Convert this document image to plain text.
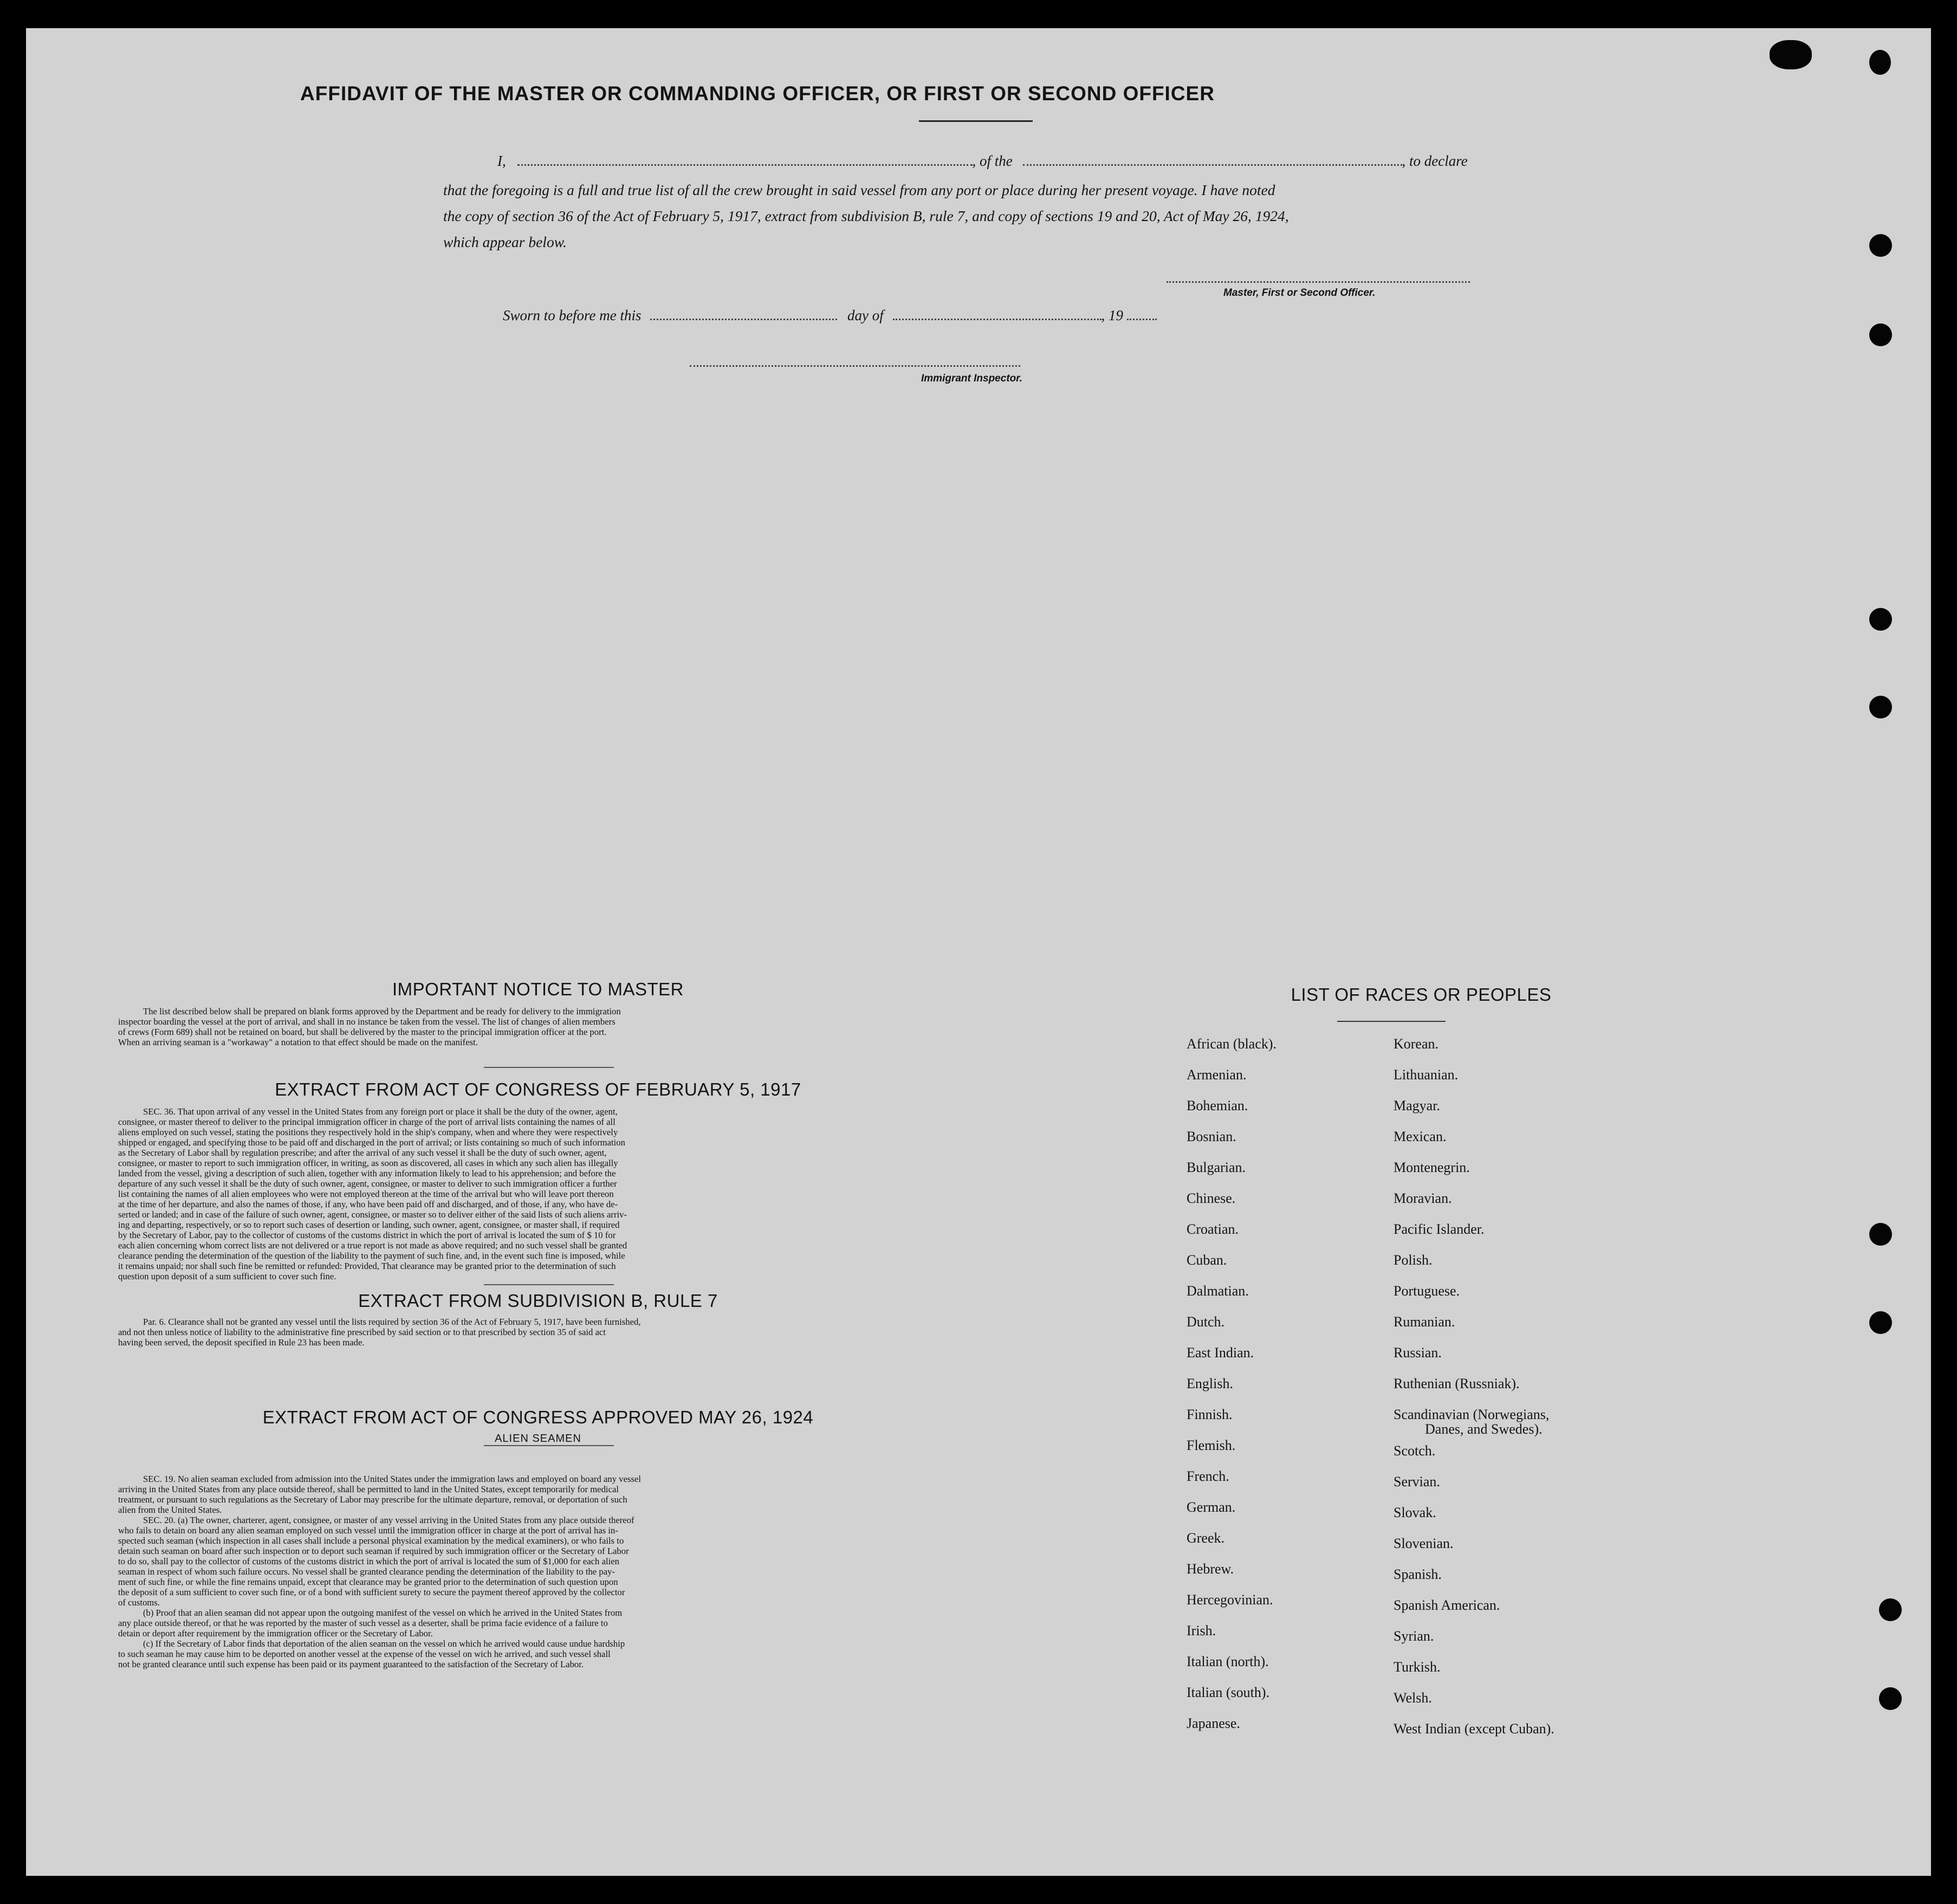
AFFIDAVIT OF THE MASTER OR COMMANDING OFFICER, OR FIRST OR SECOND OFFICER
I,	, of the	, to declare
that the foregoing is a full and true list of all the crew brought in said vessel from any port or place during her present voyage. I have noted
the copy of section 36 of the Act of February 5, 1917, extract from subdivision B, rule 7, and copy of sections 19 and 20, Act of May 26, 1924,
which appear below.
Master, First or Second Officer.
Sworn to before me this	day of	, 19
Immigrant Inspector.
IMPORTANT NOTICE TO MASTER
The list described below shall be prepared on blank forms approved by the Department and be ready for delivery to the immigration
inspector boarding the vessel at the port of arrival, and shall in no instance be taken from the vessel. The list of changes of alien members
of crews (Form 689) shall not be retained on board, but shall be delivered by the master to the principal immigration officer at the port.
When an arriving seaman is a "workaway" a notation to that effect should be made on the manifest.
EXTRACT FROM ACT OF CONGRESS OF FEBRUARY 5, 1917
SEC. 36. That upon arrival of any vessel in the United States from any foreign port or place it shall be the duty of the owner, agent,
consignee, or master thereof to deliver to the principal immigration officer in charge of the port of arrival lists containing the names of all
aliens employed on such vessel, stating the positions they respectively hold in the ship's company, when and where they were respectively
shipped or engaged, and specifying those to be paid off and discharged in the port of arrival; or lists containing so much of such information
as the Secretary of Labor shall by regulation prescribe; and after the arrival of any such vessel it shall be the duty of such owner, agent,
consignee, or master to report to such immigration officer, in writing, as soon as discovered, all cases in which any such alien has illegally
landed from the vessel, giving a description of such alien, together with any information likely to lead to his apprehension; and before the
departure of any such vessel it shall be the duty of such owner, agent, consignee, or master to deliver to such immigration officer a further
list containing the names of all alien employees who were not employed thereon at the time of the arrival but who will leave port thereon
at the time of her departure, and also the names of those, if any, who have been paid off and discharged, and of those, if any, who have de-
serted or landed; and in case of the failure of such owner, agent, consignee, or master so to deliver either of the said lists of such aliens arriv-
ing and departing, respectively, or so to report such cases of desertion or landing, such owner, agent, consignee, or master shall, if required
by the Secretary of Labor, pay to the collector of customs of the customs district in which the port of arrival is located the sum of $ 10 for
each alien concerning whom correct lists are not delivered or a true report is not made as above required; and no such vessel shall be granted
clearance pending the determination of the question of the liability to the payment of such fine, and, in the event such fine is imposed, while
it remains unpaid; nor shall such fine be remitted or refunded: Provided, That clearance may be granted prior to the determination of such
question upon deposit of a sum sufficient to cover such fine.
EXTRACT FROM SUBDIVISION B, RULE 7
Par. 6. Clearance shall not be granted any vessel until the lists required by section 36 of the Act of February 5, 1917, have been furnished,
and not then unless notice of liability to the administrative fine prescribed by said section or to that prescribed by section 35 of said act
having been served, the deposit specified in Rule 23 has been made.
EXTRACT FROM ACT OF CONGRESS APPROVED MAY 26, 1924
ALIEN SEAMEN
SEC. 19. No alien seaman excluded from admission into the United States under the immigration laws and employed on board any vessel
arriving in the United States from any place outside thereof, shall be permitted to land in the United States, except temporarily for medical
treatment, or pursuant to such regulations as the Secretary of Labor may prescribe for the ultimate departure, removal, or deportation of such
alien from the United States.
SEC. 20. (a) The owner, charterer, agent, consignee, or master of any vessel arriving in the United States from any place outside thereof
who fails to detain on board any alien seaman employed on such vessel until the immigration officer in charge at the port of arrival has in-
spected such seaman (which inspection in all cases shall include a personal physical examination by the medical examiners), or who fails to
detain such seaman on board after such inspection or to deport such seaman if required by such immigration officer or the Secretary of Labor
to do so, shall pay to the collector of customs of the customs district in which the port of arrival is located the sum of $1,000 for each alien
seaman in respect of whom such failure occurs. No vessel shall be granted clearance pending the determination of the liability to the pay-
ment of such fine, or while the fine remains unpaid, except that clearance may be granted prior to the determination of such question upon
the deposit of a sum sufficient to cover such fine, or of a bond with sufficient surety to secure the payment thereof approved by the collector
of customs.
(b) Proof that an alien seaman did not appear upon the outgoing manifest of the vessel on which he arrived in the United States from
any place outside thereof, or that he was reported by the master of such vessel as a deserter, shall be prima facie evidence of a failure to
detain or deport after requirement by the immigration officer or the Secretary of Labor.
(c) If the Secretary of Labor finds that deportation of the alien seaman on the vessel on which he arrived would cause undue hardship
to such seaman he may cause him to be deported on another vessel at the expense of the vessel on wich he arrived, and such vessel shall
not be granted clearance until such expense has been paid or its payment guaranteed to the satisfaction of the Secretary of Labor.
LIST OF RACES OR PEOPLES
African (black).
Armenian.
Bohemian.
Bosnian.
Bulgarian.
Chinese.
Croatian.
Cuban.
Dalmatian.
Dutch.
East Indian.
English.
Finnish.
Flemish.
French.
German.
Greek.
Hebrew.
Hercegovinian.
Irish.
Italian (north).
Italian (south).
Japanese.
Korean.
Lithuanian.
Magyar.
Mexican.
Montenegrin.
Moravian.
Pacific Islander.
Polish.
Portuguese.
Rumanian.
Russian.
Ruthenian (Russniak).
Scandinavian (Norwegians,
Danes, and Swedes).
Scotch.
Servian.
Slovak.
Slovenian.
Spanish.
Spanish American.
Syrian.
Turkish.
Welsh.
West Indian (except Cuban).
